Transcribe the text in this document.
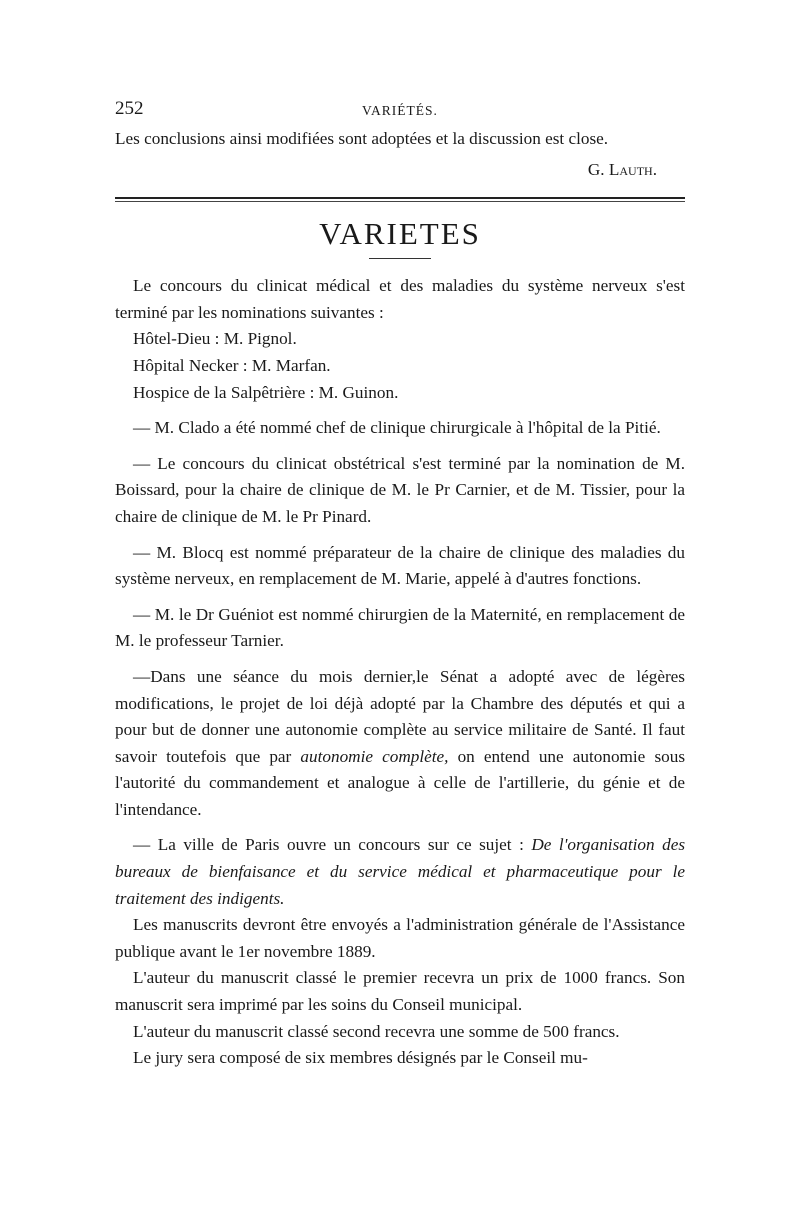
252	VARIÉTÉS.

Les conclusions ainsi modifiées sont adoptées et la discussion est close.

G. Lauth.

VARIETES

Le concours du clinicat médical et des maladies du système nerveux s'est terminé par les nominations suivantes :

Hôtel-Dieu : M. Pignol.

Hôpital Necker : M. Marfan.

Hospice de la Salpêtrière : M. Guinon.

— M. Clado a été nommé chef de clinique chirurgicale à l'hôpital de la Pitié.

— Le concours du clinicat obstétrical s'est terminé par la nomination de M. Boissard, pour la chaire de clinique de M. le Pr Carnier, et de M. Tissier, pour la chaire de clinique de M. le Pr Pinard.

— M. Blocq est nommé préparateur de la chaire de clinique des maladies du système nerveux, en remplacement de M. Marie, appelé à d'autres fonctions.

— M. le Dr Guéniot est nommé chirurgien de la Maternité, en remplacement de M. le professeur Tarnier.

—Dans une séance du mois dernier,le Sénat a adopté avec de légères modifications, le projet de loi déjà adopté par la Chambre des députés et qui a pour but de donner une autonomie complète au service militaire de Santé. Il faut savoir toutefois que par autonomie complète, on entend une autonomie sous l'autorité du commandement et analogue à celle de l'artillerie, du génie et de l'intendance.

— La ville de Paris ouvre un concours sur ce sujet : De l'organisation des bureaux de bienfaisance et du service médical et pharmaceutique pour le traitement des indigents.

Les manuscrits devront être envoyés a l'administration générale de l'Assistance publique avant le 1er novembre 1889.

L'auteur du manuscrit classé le premier recevra un prix de 1000 francs. Son manuscrit sera imprimé par les soins du Conseil municipal.

L'auteur du manuscrit classé second recevra une somme de 500 francs.

Le jury sera composé de six membres désignés par le Conseil mu-
